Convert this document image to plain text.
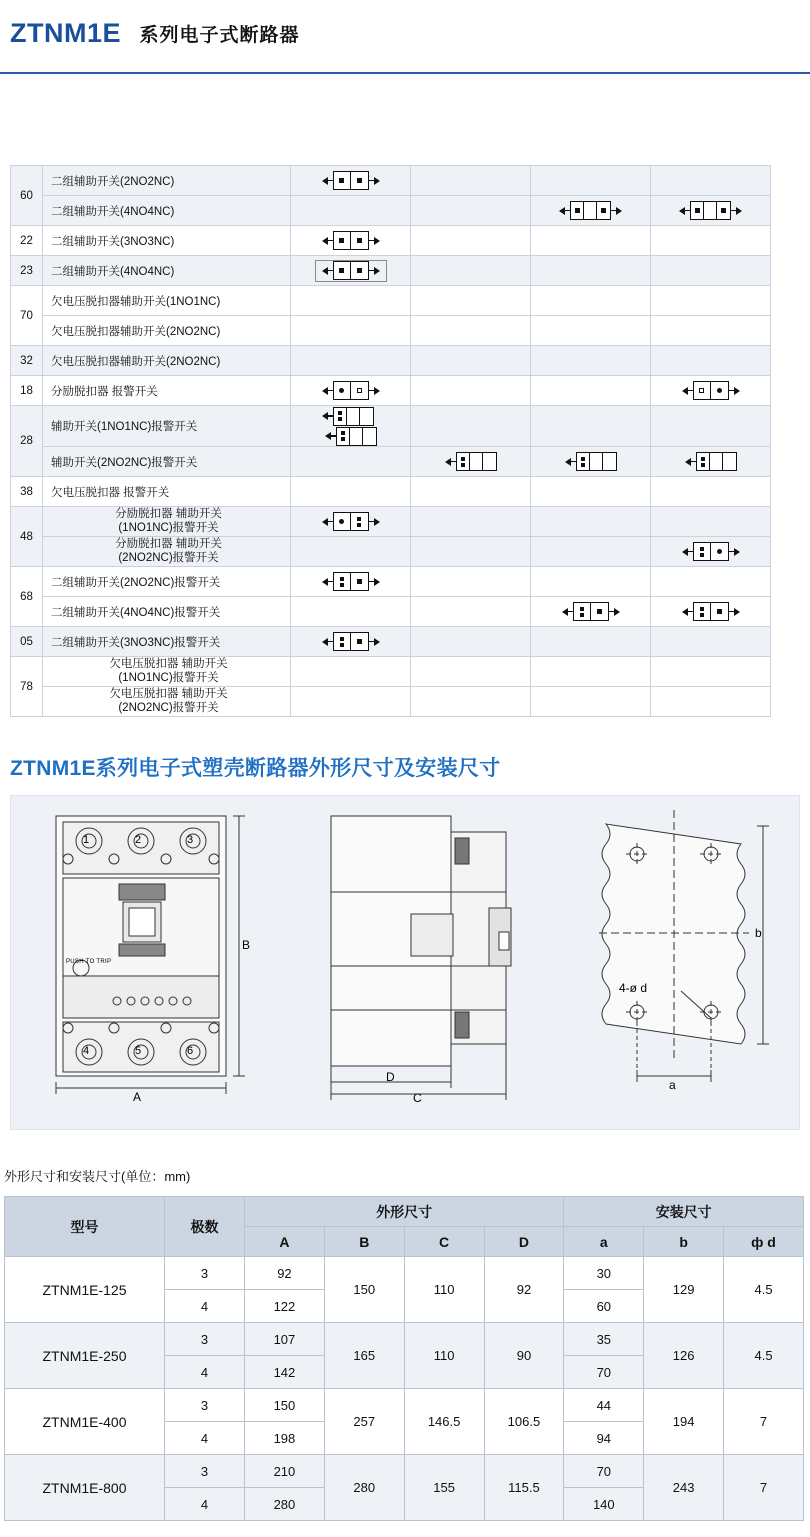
ZTNM1E 系列电子式断路器
60	二组辅助开关(2NO2NC)	

	二组辅助开关(4NO4NC)			

22	二组辅助开关(3NO3NC)	

23	二组辅助开关(4NO4NC)	

70	欠电压脱扣器辅助开关(1NO1NC)				
	欠电压脱扣器辅助开关(2NO2NC)				
32	欠电压脱扣器辅助开关(2NO2NC)				
18	分励脱扣器 报警开关	

28	辅助开关(1NO1NC)报警开关	

	辅助开关(2NO2NC)报警开关		

38	欠电压脱扣器 报警开关				
48	分励脱扣器 辅助开关
(1NO1NC)报警开关				

	分励脱扣器 辅助开关
(2NO2NC)报警开关				

68	二组辅助开关(2NO2NC)报警开关	

	二组辅助开关(4NO4NC)报警开关			

05	二组辅助开关(3NO3NC)报警开关	

78	欠电压脱扣器 辅助开关
(1NO1NC)报警开关				

	欠电压脱扣器 辅助开关
(2NO2NC)报警开关				

ZTNM1E系列电子式塑壳断路器外形尺寸及安装尺寸
1	2	3
4	5	6
PUSH TO TRIP
A
B
D
C
b
a
4-ø d
外形尺寸和安装尺寸(单位：mm)
型号	极数	外形尺寸				安装尺寸		
		A	B	C	D	a	b	ф d
ZTNM1E-125	3	92	150	110	92	30	129	4.5
	4	122				60		
ZTNM1E-250	3	107	165	110	90	35	126	4.5
	4	142				70		
ZTNM1E-400	3	150	257	146.5	106.5	44	194	7
	4	198				94		
ZTNM1E-800	3	210	280	155	115.5	70	243	7
	4	280				140		
